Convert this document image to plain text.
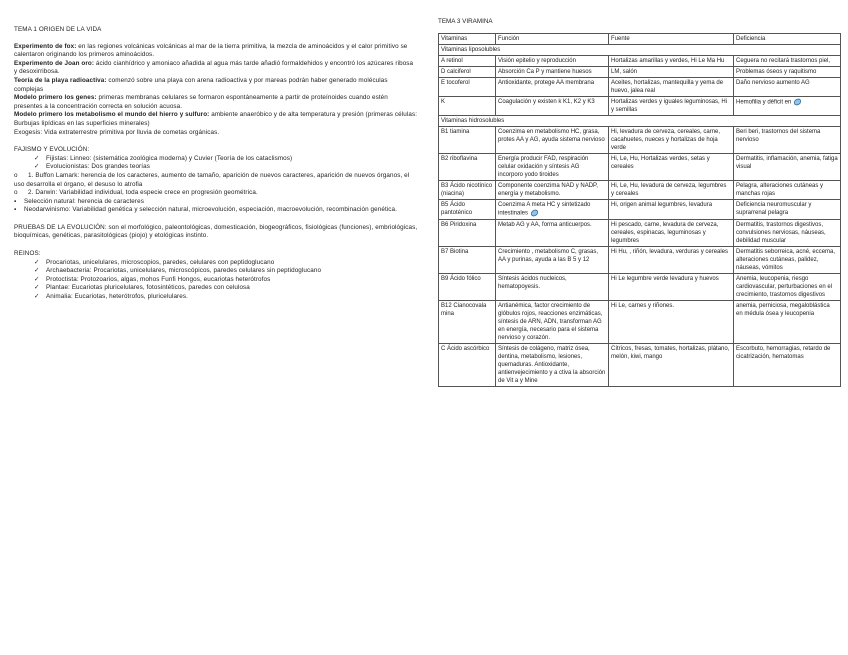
TEMA 1 ORIGEN DE LA VIDA

Experimento de fox: en las regiones volcánicas volcánicas al mar de la tierra primitiva, la mezcla de aminoácidos y el calor primitivo se calentaron originando los primeros aminoácidos.

Experimento de Joan oro: ácido cianhídrico y amoniaco añadida al agua más tarde añadió formaldehidos y encontró los azúcares ribosa y desoxirribosa.

Teoría de la playa radioactiva: comenzó sobre una playa con arena radioactiva y por mareas podrán haber generado moléculas complejas

Modelo primero los genes: primeras membranas celulares se formaron espontáneamente a partir de proteínoides cuando estén presentes a la concentración correcta en solución acuosa.

Modelo primero los metabolismo el mundo del hierro y sulfuro: ambiente anaeróbico y de alta temperatura y presión (primeras células: Burbujas lipídicas en las superficies minerales)

Exogesis: Vida extraterrestre primitiva por lluvia de cometas orgánicas.

FAJISMO Y EVOLUCIÓN:

✓ Fijistas: Linneo: (sistemática zoológica moderna) y Cuvier (Teoría de los cataclismos)

✓ Evolucionistas: Dos grandes teorías

o 1. Buffon Lamark: herencia de los caracteres, aumento de tamaño, aparición de nuevos caracteres, aparición de nuevos órganos, el uso desarrolla el órgano, el desuso lo atrofia

o 2. Darwin: Variabilidad individual, toda especie crece en progresión geométrica.

▪ Selección natural: herencia de caracteres

▪ Neodarwinismo: Variabilidad genética y selección natural, microevolución, especiación, macroevolución, recombinación genética.

PRUEBAS DE LA EVOLUCIÓN: son el morfológico, paleontológicas, domesticación, biogeográficos, fisiológicas (funciones), embriológicas, bioquímicas, genéticas, parasitológicas (piojo) y etológicas instinto.

REINOS:

✓ Procariotas, unicelulares, microscopios, paredes, celulares con peptidoglucano

✓ Archaebacteria: Procariotas, unicelulares, microscópicos, paredes celulares sin peptidoglucano

✓ Protoctista: Protozoarios, algas, mohos Funfi Hongos, eucariotas heterótrofos

✓ Plantae: Eucariotas pluricelulares, fotosintéticos, paredes con celulosa

✓ Animalia: Eucariotas, heterótrofos, pluricelulares.

TEMA 3 VIRAMINA
Vitaminas	Función	Fuente	Deficiencia
Vitaminas liposolubles			
A retinol	Visión epitelio y reproducción	Hortalizas amarillas y verdes, Hi Le Ma Hu	Ceguera no recitará trastornos piel,
D calciferol	Absorción Ca P y mantiene huesos	LM, salón	Problemas óseos y raquitismo
E tocoferol	Antioxidante, protege AA membrana	Aceites, hortalizas, mantequilla y yema de huevo, jalea real	Daño nervioso aumento AG
K	Coagulación y existen k K1, K2 y K3	Hortalizas verdes y iguales leguminosas, Hi y semillas	Hemofilia y déficit en
Vitaminas hidrosolubles			
B1 tiamina	Coenzima en metabolismo HC, grasa, protes AA y AG, ayuda sistema nervioso	Hi, levadura de cerveza, cereales, carne, cacahuetes, nueces y hortalizas de hoja verde	Beri beri, trastornos del sistema nervioso
B2 riboflavina	Energía producir FAD, respiración celular oxidación y síntesis AG incorporo yodo tiroides	Hi, Le, Hu, Hortalizas verdes, setas y cereales	Dermatitis, inflamación, anemia, fatiga visual
B3 Ácido nicotínico (niacina)	Componente coenzima NAD y NADP, energía y metabolismo.	Hi, Le, Hu, levadura de cerveza, legumbres y cereales	Pelagra, alteraciones cutáneas y manchas rojas
B5 Ácido pantoténico	Coenzima A meta HC y sintetizado intestinales	Hi, origen animal legumbres, levadura	Deficiencia neuromuscular y suprarrenal pelagra
B6 Piridoxina	Metab AG y AA, forma anticuerpos.	Hi pescado, carne, levadura de cerveza, cereales, espinacas, leguminosas y legumbres	Dermatitis, trastornos digestivos, convulsiones nerviosas, náuseas, debilidad muscular
B7 Biotina	Crecimiento , metabolismo C, grasas, AA y purinas, ayuda a las B 5 y 12	Hi Hu, , riñón, levadura, verduras y cereales	Dermatitis seborreica, acné, eccema, alteraciones cutáneas, palidez, náuseas, vómitos
B9 Ácido fólico	Síntesis ácidos nucleicos, hematopoyesis.	Hi Le legumbre verde levadura y huevos	Anemia, leucopenia, riesgo cardiovascular, perturbaciones en el crecimiento, trastornos digestivos
B12 Cianocovala mina	Antianémica, factor crecimiento de glóbulos rojos, reacciones enzimáticas, síntesis de ARN, ADN, transforman AG en energía, necesario para el sistema nervioso y corazón.	Hi Le, carnes y riñones.	anemia, perniciosa, megaloblástica en médula ósea y leucopenia
C Ácido ascórbico	Síntesis de colágeno, matriz ósea, dentina, metabolismo, lesiones, quemaduras. Antioxidante, antienvejecimiento y a ctiva la absorción de Vit a y Mine	Cítricos, fresas, tomates, hortalizas, plátano, melón, kiwi, mango	Escorbuto, hemorragias, retardo de cicatrización, hematomas
